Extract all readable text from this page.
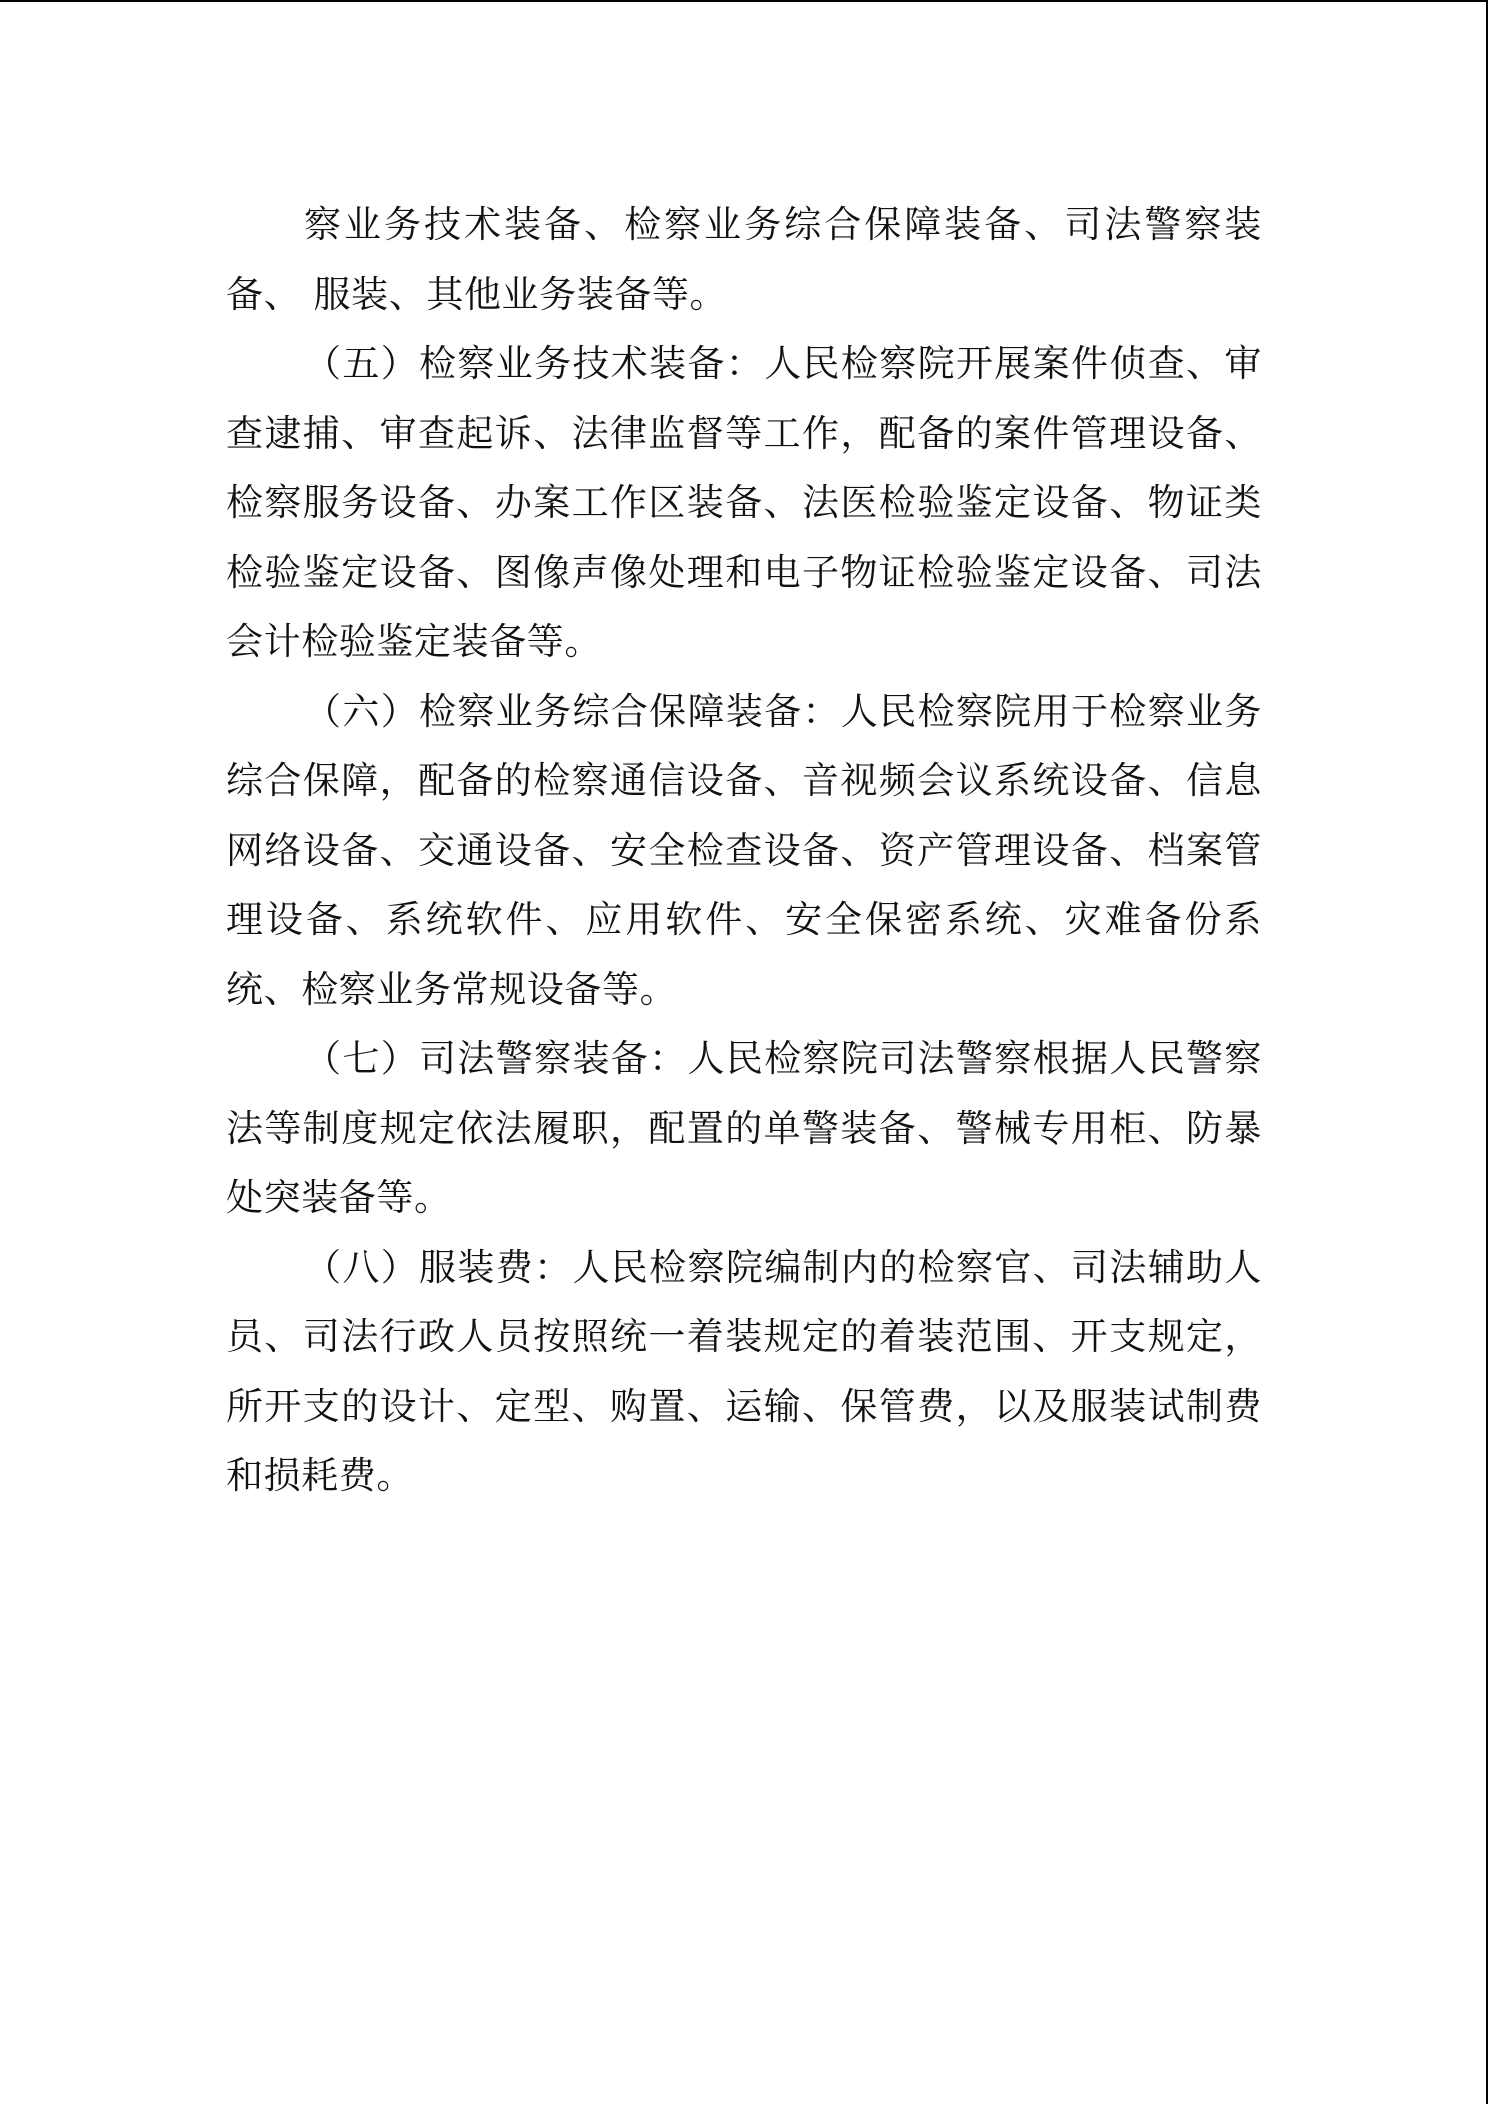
察业务技术装备、检察业务综合保障装备、司法警察装备、 服装、其他业务装备等。

（五）检察业务技术装备：人民检察院开展案件侦查、审查逮捕、审查起诉、法律监督等工作，配备的案件管理设备、检察服务设备、办案工作区装备、法医检验鉴定设备、物证类检验鉴定设备、图像声像处理和电子物证检验鉴定设备、司法会计检验鉴定装备等。

（六）检察业务综合保障装备：人民检察院用于检察业务综合保障，配备的检察通信设备、音视频会议系统设备、信息网络设备、交通设备、安全检查设备、资产管理设备、档案管理设备、系统软件、应用软件、安全保密系统、灾难备份系统、检察业务常规设备等。

（七）司法警察装备：人民检察院司法警察根据人民警察法等制度规定依法履职，配置的单警装备、警械专用柜、防暴处突装备等。

（八）服装费：人民检察院编制内的检察官、司法辅助人员、司法行政人员按照统一着装规定的着装范围、开支规定，所开支的设计、定型、购置、运输、保管费，以及服装试制费和损耗费。
